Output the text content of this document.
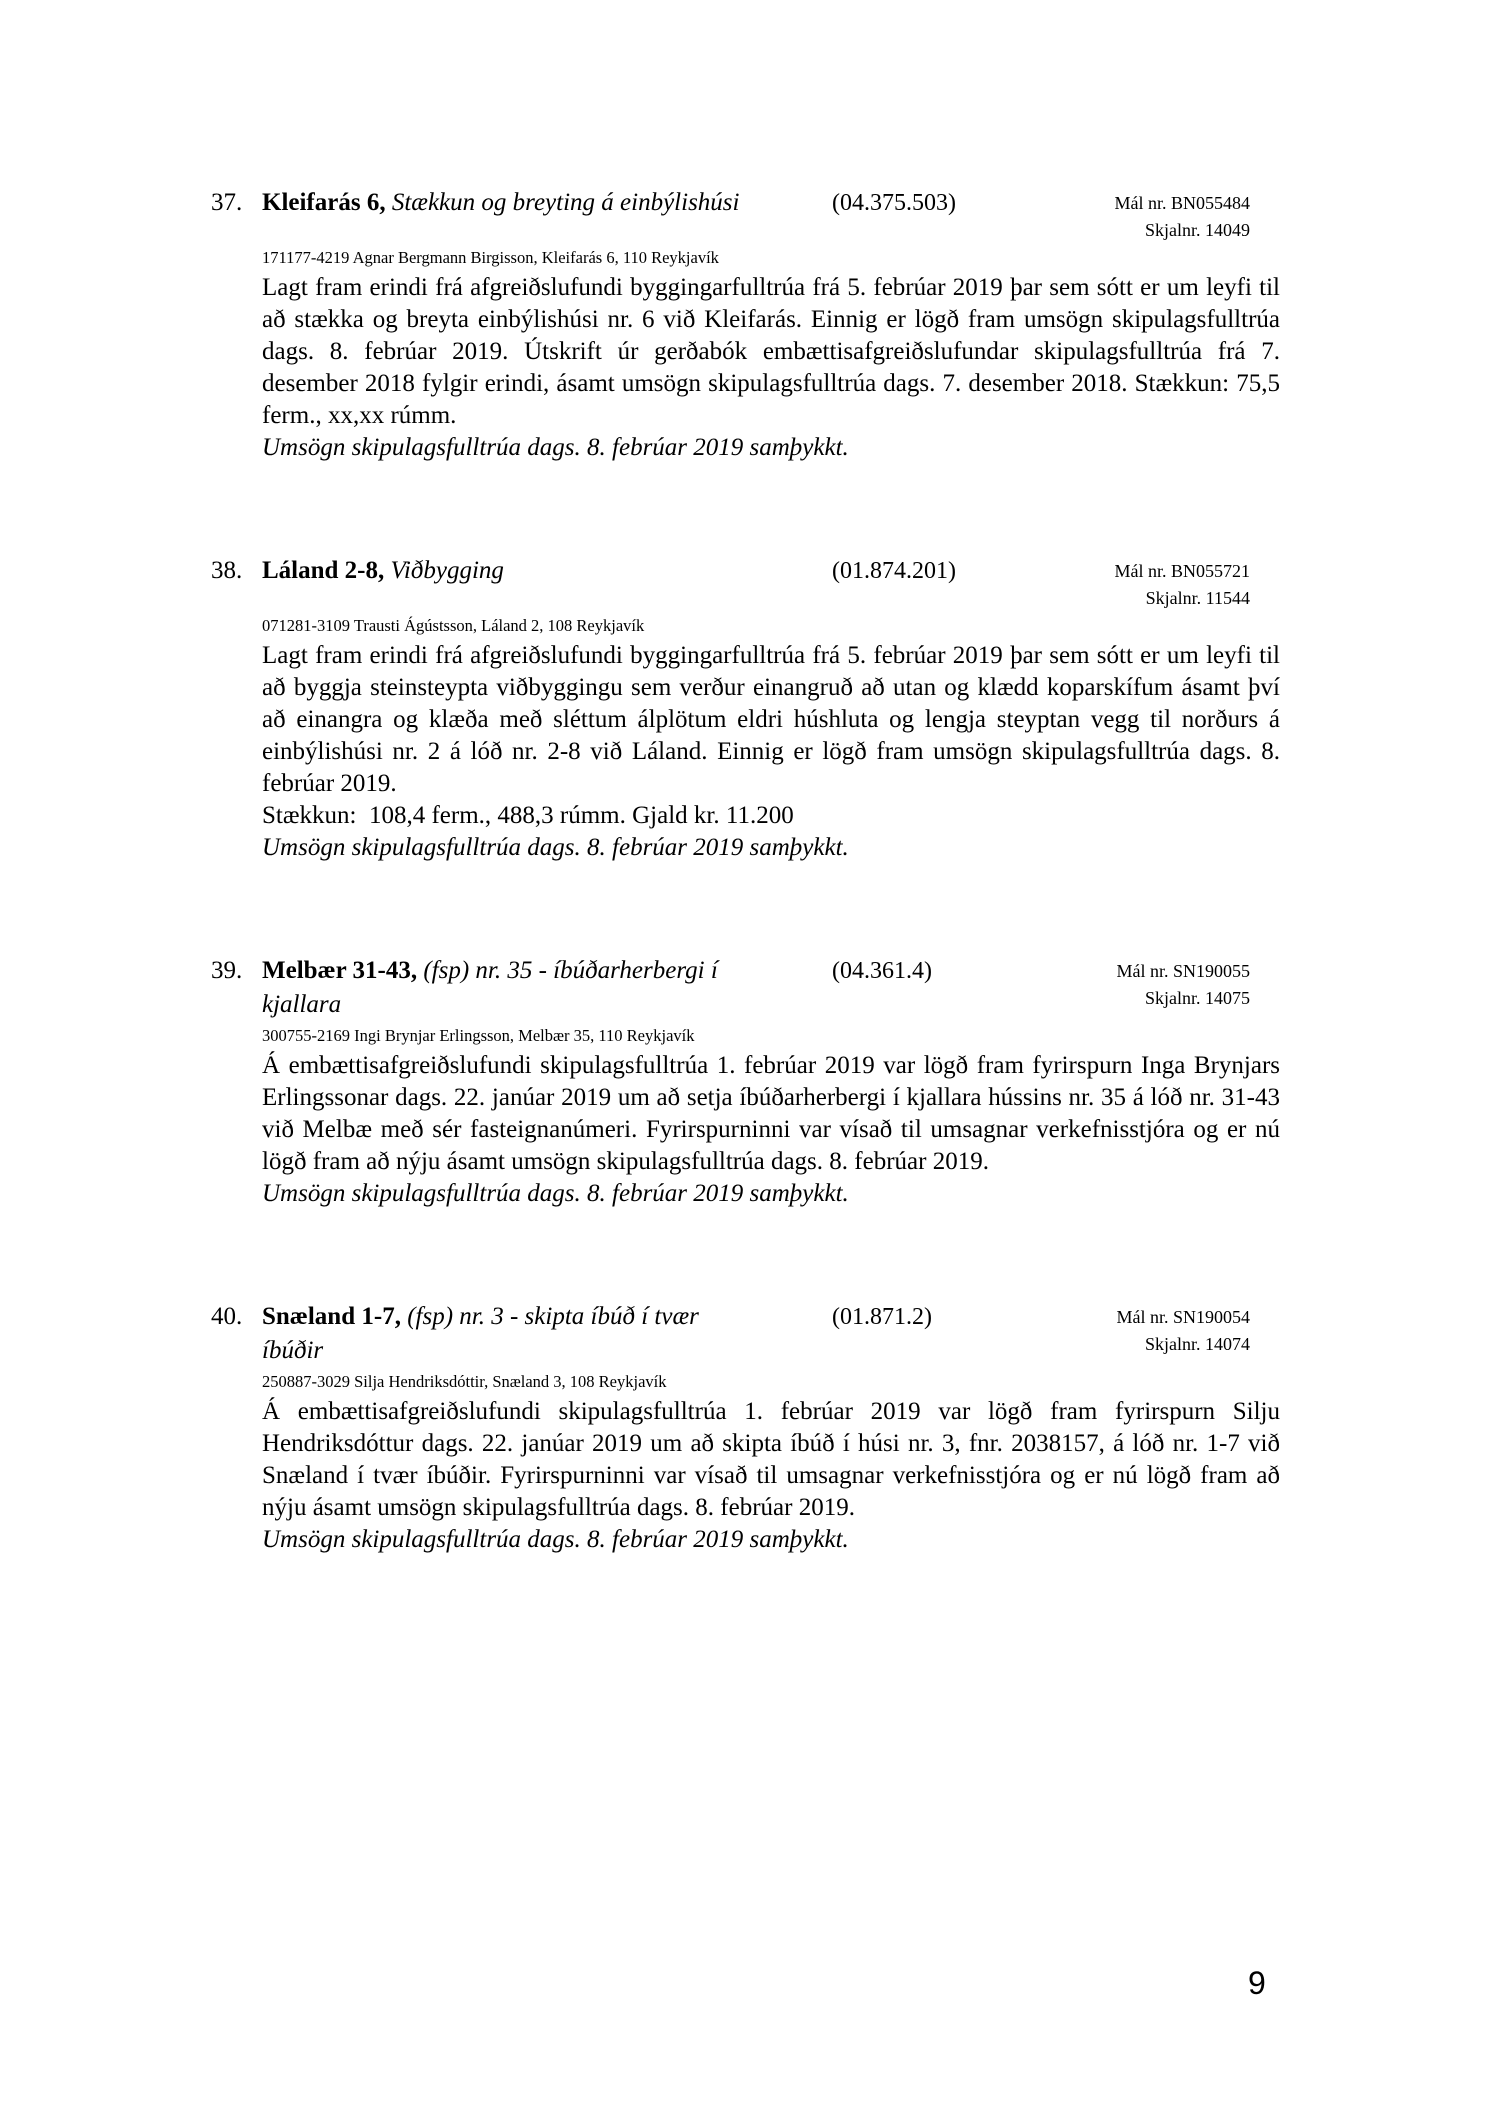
37. Kleifarás 6, Stækkun og breyting á einbýlishúsi	(04.375.503)	Mál nr. BN055484
Skjalnr. 14049
171177-4219 Agnar Bergmann Birgisson, Kleifarás 6, 110 Reykjavík
Lagt fram erindi frá afgreiðslufundi byggingarfulltrúa frá 5. febrúar 2019 þar sem sótt er um leyfi til að stækka og breyta einbýlishúsi nr. 6 við Kleifarás. Einnig er lögð fram umsögn skipulagsfulltrúa dags. 8. febrúar 2019. Útskrift úr gerðabók embættisafgreiðslufundar skipulagsfulltrúa frá 7. desember 2018 fylgir erindi, ásamt umsögn skipulagsfulltrúa dags. 7. desember 2018. Stækkun: 75,5 ferm., xx,xx rúmm.
Umsögn skipulagsfulltrúa dags. 8. febrúar 2019 samþykkt.
38. Láland 2-8, Viðbygging	(01.874.201)	Mál nr. BN055721
Skjalnr. 11544
071281-3109 Trausti Ágústsson, Láland 2, 108 Reykjavík
Lagt fram erindi frá afgreiðslufundi byggingarfulltrúa frá 5. febrúar 2019 þar sem sótt er um leyfi til að byggja steinsteypta viðbyggingu sem verður einangruð að utan og klædd koparskífum ásamt því að einangra og klæða með sléttum álplötum eldri húshluta og lengja steyptan vegg til norðurs á einbýlishúsi nr. 2 á lóð nr. 2-8 við Láland. Einnig er lögð fram umsögn skipulagsfulltrúa dags. 8. febrúar 2019.
Stækkun:  108,4 ferm., 488,3 rúmm. Gjald kr. 11.200
Umsögn skipulagsfulltrúa dags. 8. febrúar 2019 samþykkt.
39. Melbær 31-43, (fsp) nr. 35 - íbúðarherbergi í kjallara
(04.361.4)	Mál nr. SN190055
Skjalnr. 14075
300755-2169 Ingi Brynjar Erlingsson, Melbær 35, 110 Reykjavík
Á embættisafgreiðslufundi skipulagsfulltrúa 1. febrúar 2019 var lögð fram fyrirspurn Inga Brynjars Erlingssonar dags. 22. janúar 2019 um að setja íbúðarherbergi í kjallara hússins nr. 35 á lóð nr. 31-43 við Melbæ með sér fasteignanúmeri. Fyrirspurninni var vísað til umsagnar verkefnisstjóra og er nú lögð fram að nýju ásamt umsögn skipulagsfulltrúa dags. 8. febrúar 2019.
Umsögn skipulagsfulltrúa dags. 8. febrúar 2019 samþykkt.
40. Snæland 1-7, (fsp) nr. 3 - skipta íbúð í tvær íbúðir
(01.871.2)	Mál nr. SN190054
Skjalnr. 14074
250887-3029 Silja Hendriksdóttir, Snæland 3, 108 Reykjavík
Á embættisafgreiðslufundi skipulagsfulltrúa 1. febrúar 2019 var lögð fram fyrirspurn Silju Hendriksdóttur dags. 22. janúar 2019 um að skipta íbúð í húsi nr. 3, fnr. 2038157, á lóð nr. 1-7 við Snæland í tvær íbúðir. Fyrirspurninni var vísað til umsagnar verkefnisstjóra og er nú lögð fram að nýju ásamt umsögn skipulagsfulltrúa dags. 8. febrúar 2019.
Umsögn skipulagsfulltrúa dags. 8. febrúar 2019 samþykkt.
9
